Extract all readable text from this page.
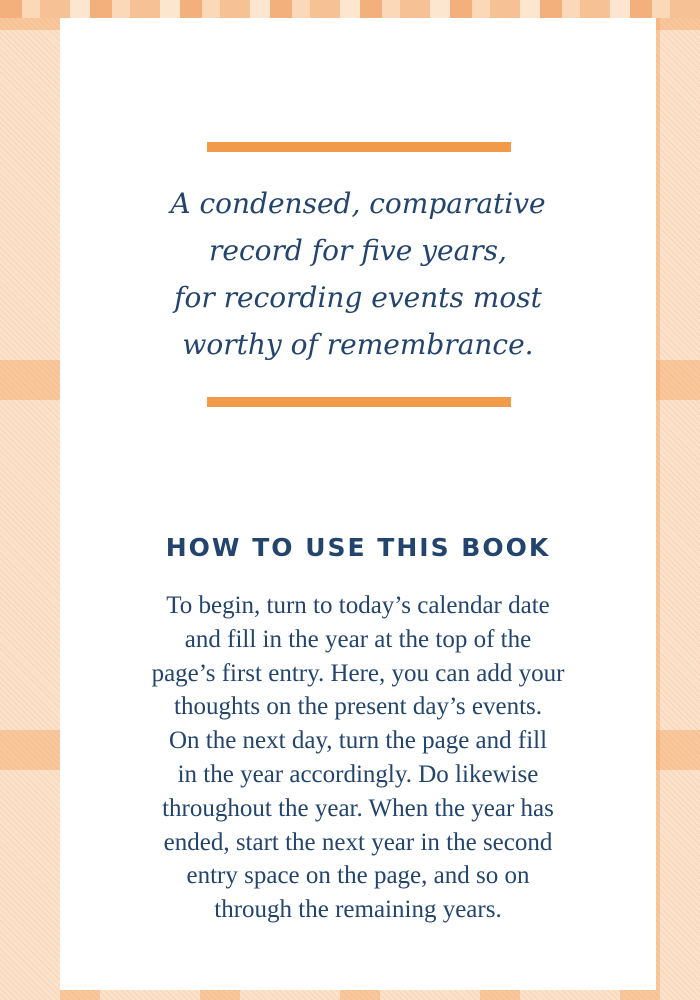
A condensed, comparative
record for five years,
for recording events most
worthy of remembrance.

HOW TO USE THIS BOOK

To begin, turn to today’s calendar date
and fill in the year at the top of the
page’s first entry. Here, you can add your
thoughts on the present day’s events.
On the next day, turn the page and fill
in the year accordingly. Do likewise
throughout the year. When the year has
ended, start the next year in the second
entry space on the page, and so on
through the remaining years.
